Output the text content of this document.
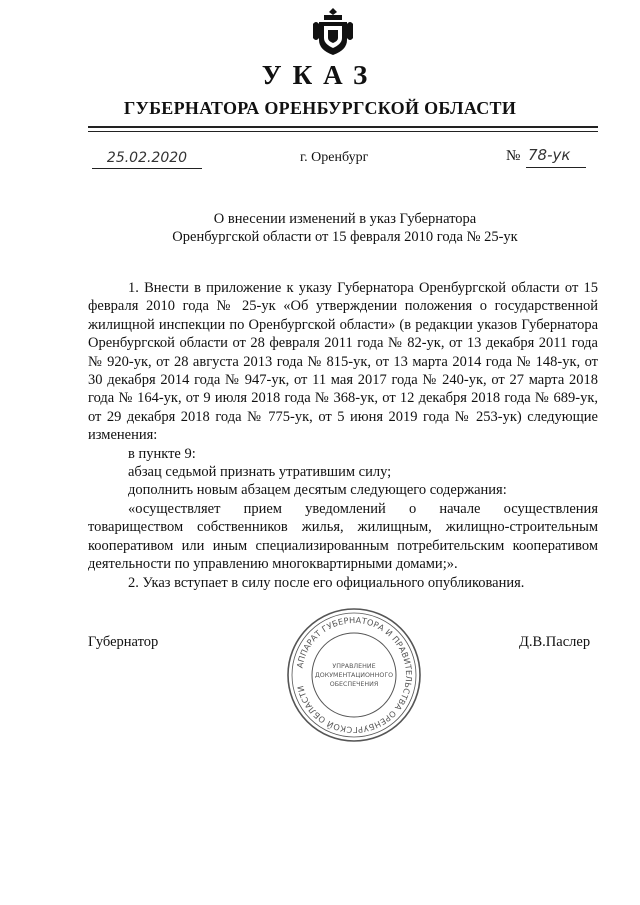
УКАЗ
ГУБЕРНАТОРА ОРЕНБУРГСКОЙ ОБЛАСТИ
25.02.2020	г. Оренбург	№ 78-ук
О внесении изменений в указ Губернатора
Оренбургской области от 15 февраля 2010 года № 25-ук

1. Внести в приложение к указу Губернатора Оренбургской области от 15 февраля 2010 года № 25-ук «Об утверждении положения о государственной жилищной инспекции по Оренбургской области» (в редакции указов Губернатора Оренбургской области от 28 февраля 2011 года № 82-ук, от 13 декабря 2011 года № 920-ук, от 28 августа 2013 года № 815-ук, от 13 марта 2014 года № 148-ук, от 30 декабря 2014 года № 947-ук, от 11 мая 2017 года № 240-ук, от 27 марта 2018 года № 164-ук, от 9 июля 2018 года № 368-ук, от 12 декабря 2018 года № 689-ук, от 29 декабря 2018 года № 775-ук, от 5 июня 2019 года № 253-ук) следующие изменения:

в пункте 9:

абзац седьмой признать утратившим силу;

дополнить новым абзацем десятым следующего содержания:

«осуществляет прием уведомлений о начале осуществления товариществом собственников жилья, жилищным, жилищно-строительным кооперативом или иным специализированным потребительским кооперативом деятельности по управлению многоквартирными домами;».

2. Указ вступает в силу после его официального опубликования.

Губернатор	Д.В.Паслер
АППАРАТ ГУБЕРНАТОРА И ПРАВИТЕЛЬСТВА ОРЕНБУРГСКОЙ ОБЛАСТИ
УПРАВЛЕНИЕ
ДОКУМЕНТАЦИОННОГО
ОБЕСПЕЧЕНИЯ
